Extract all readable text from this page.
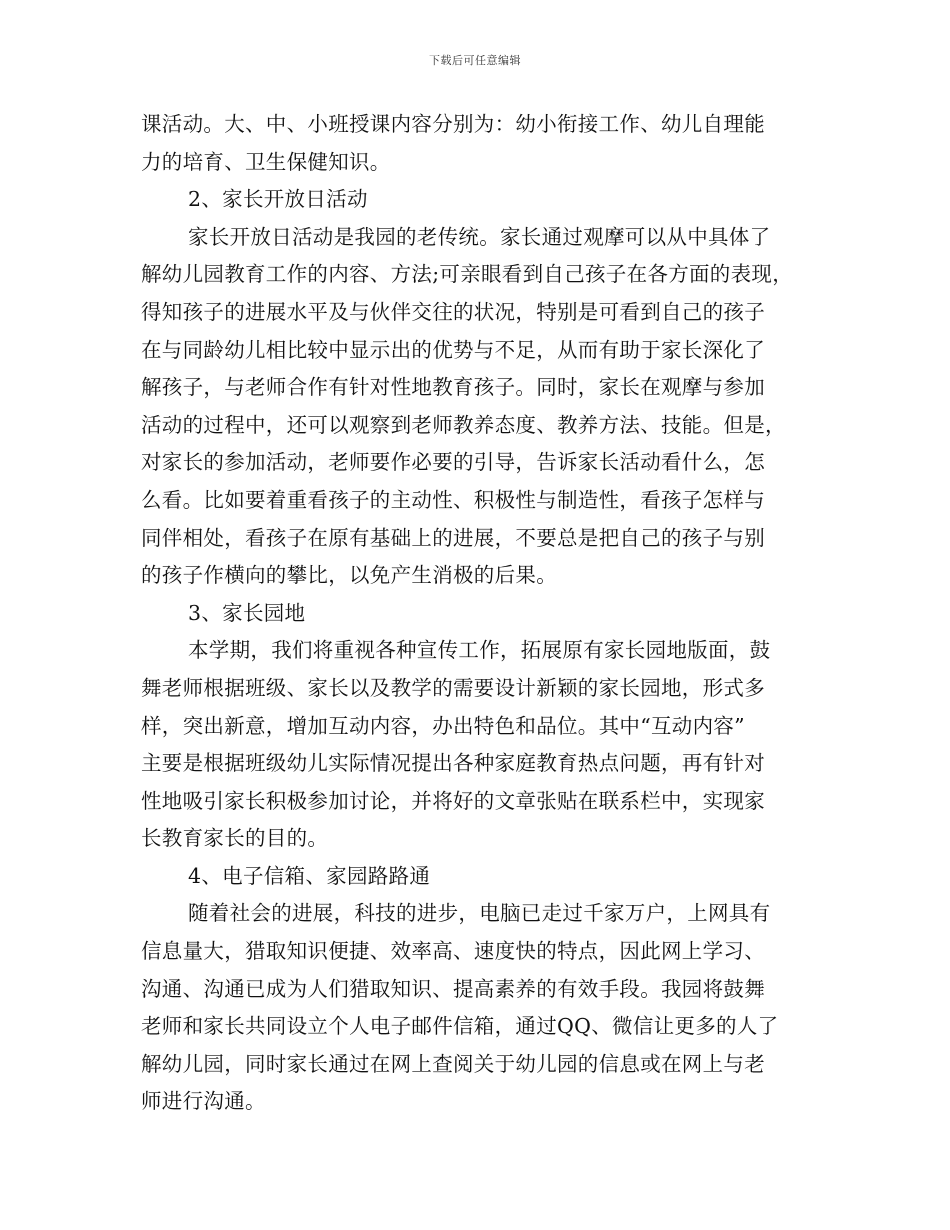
下载后可任意编辑
课活动。大、中、小班授课内容分别为：幼小衔接工作、幼儿自理能
力的培育、卫生保健知识。
2、家长开放日活动
家长开放日活动是我园的老传统。家长通过观摩可以从中具体了
解幼儿园教育工作的内容、方法;可亲眼看到自己孩子在各方面的表现，
得知孩子的进展水平及与伙伴交往的状况，特别是可看到自己的孩子
在与同龄幼儿相比较中显示出的优势与不足，从而有助于家长深化了
解孩子，与老师合作有针对性地教育孩子。同时，家长在观摩与参加
活动的过程中，还可以观察到老师教养态度、教养方法、技能。但是，
对家长的参加活动，老师要作必要的引导，告诉家长活动看什么，怎
么看。比如要着重看孩子的主动性、积极性与制造性，看孩子怎样与
同伴相处，看孩子在原有基础上的进展，不要总是把自己的孩子与别
的孩子作横向的攀比，以免产生消极的后果。
3、家长园地
本学期，我们将重视各种宣传工作，拓展原有家长园地版面，鼓
舞老师根据班级、家长以及教学的需要设计新颖的家长园地，形式多
样，突出新意，增加互动内容，办出特色和品位。其中“互动内容”
主要是根据班级幼儿实际情况提出各种家庭教育热点问题，再有针对
性地吸引家长积极参加讨论，并将好的文章张贴在联系栏中，实现家
长教育家长的目的。
4、电子信箱、家园路路通
随着社会的进展，科技的进步，电脑已走过千家万户，上网具有
信息量大，猎取知识便捷、效率高、速度快的特点，因此网上学习、
沟通、沟通已成为人们猎取知识、提高素养的有效手段。我园将鼓舞
老师和家长共同设立个人电子邮件信箱，通过QQ、微信让更多的人了
解幼儿园，同时家长通过在网上查阅关于幼儿园的信息或在网上与老
师进行沟通。
